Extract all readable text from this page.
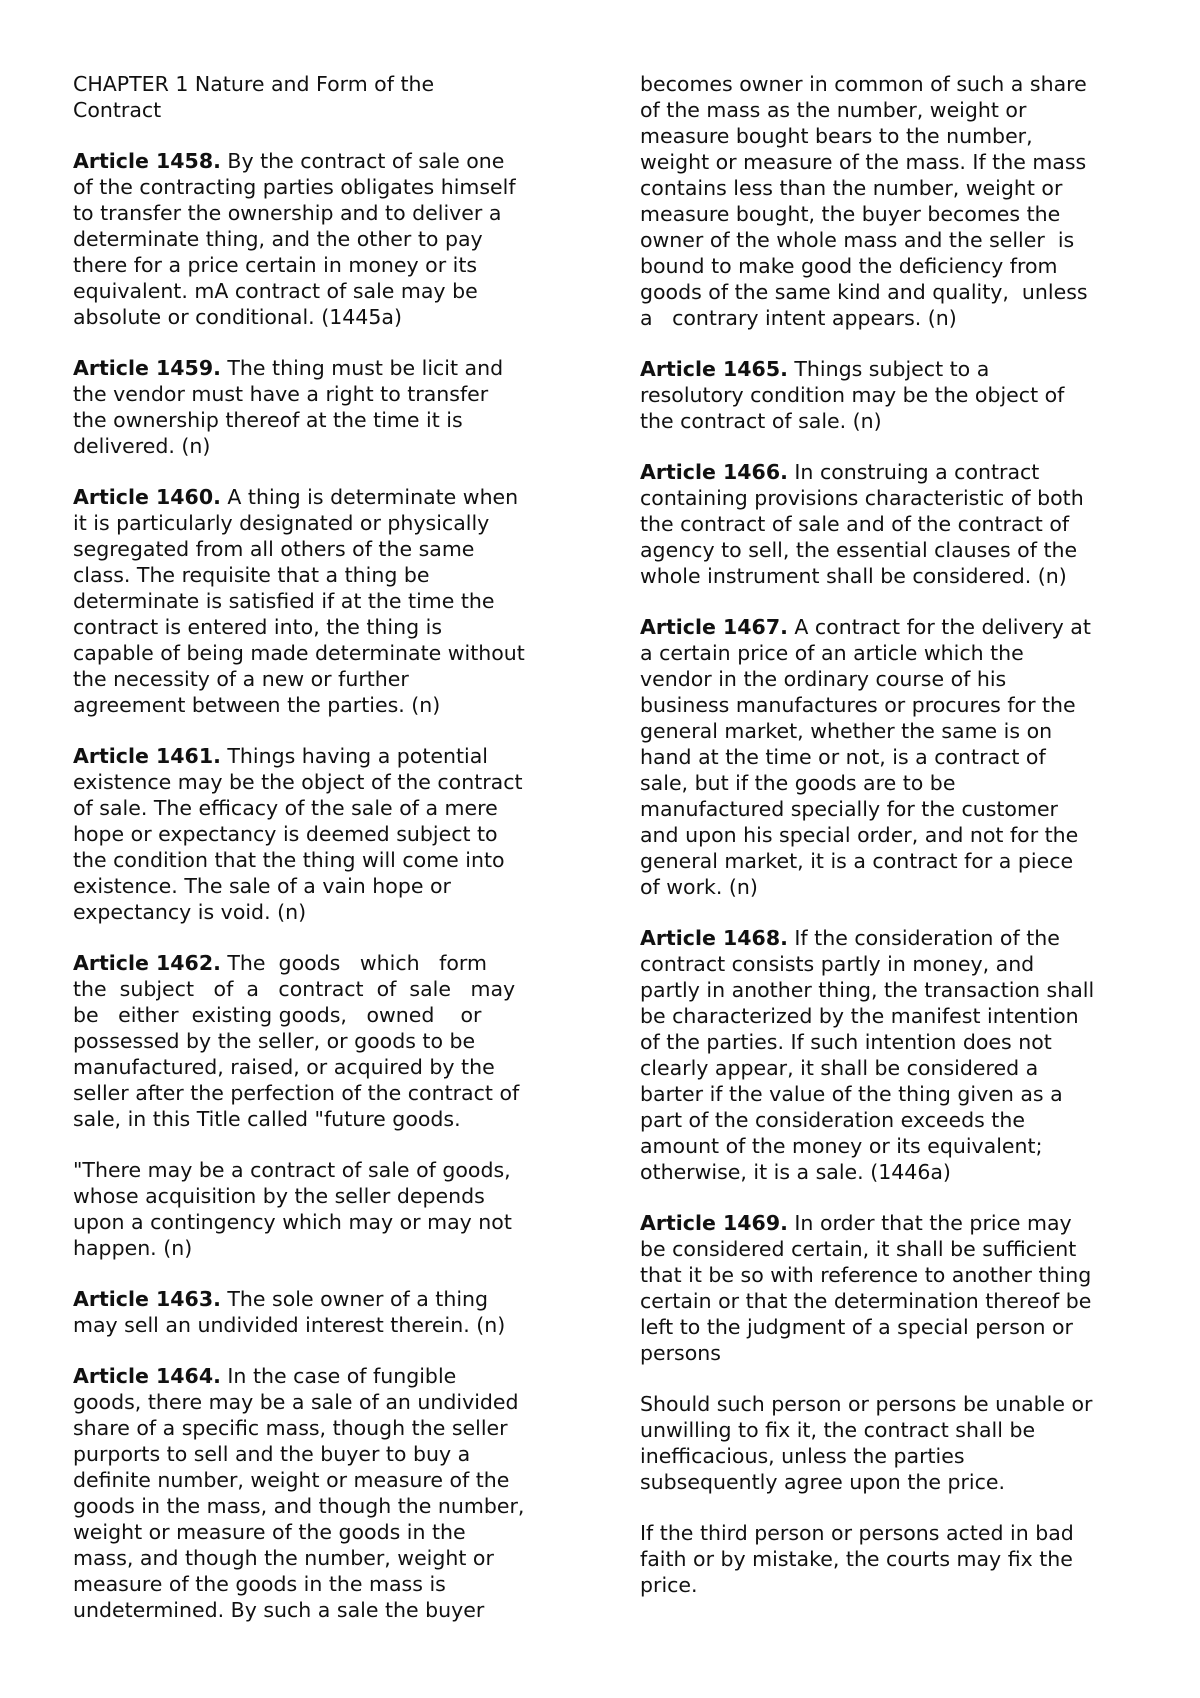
CHAPTER 1 Nature and Form of the
Contract
Article 1458. By the contract of sale one
of the contracting parties obligates himself
to transfer the ownership and to deliver a
determinate thing, and the other to pay
there for a price certain in money or its
equivalent. mA contract of sale may be
absolute or conditional. (1445a)
Article 1459. The thing must be licit and
the vendor must have a right to transfer
the ownership thereof at the time it is
delivered. (n)
Article 1460. A thing is determinate when
it is particularly designated or physically
segregated from all others of the same
class. The requisite that a thing be
determinate is satisfied if at the time the
contract is entered into, the thing is
capable of being made determinate without
the necessity of a new or further
agreement between the parties. (n)
Article 1461. Things having a potential
existence may be the object of the contract
of sale. The efficacy of the sale of a mere
hope or expectancy is deemed subject to
the condition that the thing will come into
existence. The sale of a vain hope or
expectancy is void. (n)
Article 1462. The  goods   which   form
the  subject   of  a   contract  of  sale   may
be   either  existing goods,   owned    or
possessed by the seller, or goods to be
manufactured, raised, or acquired by the
seller after the perfection of the contract of
sale, in this Title called "future goods.
"There may be a contract of sale of goods,
whose acquisition by the seller depends
upon a contingency which may or may not
happen. (n)
Article 1463. The sole owner of a thing
may sell an undivided interest therein. (n)
Article 1464. In the case of fungible
goods, there may be a sale of an undivided
share of a specific mass, though the seller
purports to sell and the buyer to buy a
definite number, weight or measure of the
goods in the mass, and though the number,
weight or measure of the goods in the
mass, and though the number, weight or
measure of the goods in the mass is
undetermined. By such a sale the buyer
becomes owner in common of such a share
of the mass as the number, weight or
measure bought bears to the number,
weight or measure of the mass. If the mass
contains less than the number, weight or
measure bought, the buyer becomes the
owner of the whole mass and the seller  is
bound to make good the deficiency from
goods of the same kind and quality,  unless
a   contrary intent appears. (n)
Article 1465. Things subject to a
resolutory condition may be the object of
the contract of sale. (n)
Article 1466. In construing a contract
containing provisions characteristic of both
the contract of sale and of the contract of
agency to sell, the essential clauses of the
whole instrument shall be considered. (n)
Article 1467. A contract for the delivery at
a certain price of an article which the
vendor in the ordinary course of his
business manufactures or procures for the
general market, whether the same is on
hand at the time or not, is a contract of
sale, but if the goods are to be
manufactured specially for the customer
and upon his special order, and not for the
general market, it is a contract for a piece
of work. (n)
Article 1468. If the consideration of the
contract consists partly in money, and
partly in another thing, the transaction shall
be characterized by the manifest intention
of the parties. If such intention does not
clearly appear, it shall be considered a
barter if the value of the thing given as a
part of the consideration exceeds the
amount of the money or its equivalent;
otherwise, it is a sale. (1446a)
Article 1469. In order that the price may
be considered certain, it shall be sufficient
that it be so with reference to another thing
certain or that the determination thereof be
left to the judgment of a special person or
persons
Should such person or persons be unable or
unwilling to fix it, the contract shall be
inefficacious, unless the parties
subsequently agree upon the price.
If the third person or persons acted in bad
faith or by mistake, the courts may fix the
price.
